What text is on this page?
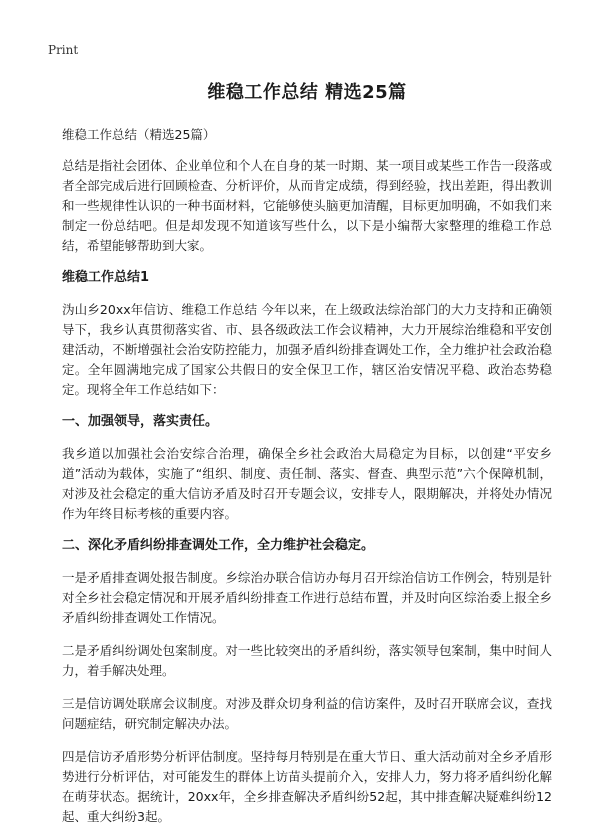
Print
维稳工作总结 精选25篇
维稳工作总结（精选25篇）

总结是指社会团体、企业单位和个人在自身的某一时期、某一项目或某些工作告一段落或者全部完成后进行回顾检查、分析评价，从而肯定成绩，得到经验，找出差距，得出教训和一些规律性认识的一种书面材料，它能够使头脑更加清醒，目标更加明确，不如我们来制定一份总结吧。但是却发现不知道该写些什么，以下是小编帮大家整理的维稳工作总结，希望能够帮助到大家。

维稳工作总结1

沩山乡20xx年信访、维稳工作总结 今年以来，在上级政法综治部门的大力支持和正确领导下，我乡认真贯彻落实省、市、县各级政法工作会议精神，大力开展综治维稳和平安创建活动，不断增强社会治安防控能力，加强矛盾纠纷排查调处工作，全力维护社会政治稳定。全年圆满地完成了国家公共假日的安全保卫工作，辖区治安情况平稳、政治态势稳定。现将全年工作总结如下：

一、加强领导，落实责任。

我乡道以加强社会治安综合治理，确保全乡社会政治大局稳定为目标，以创建“平安乡道”活动为载体，实施了“组织、制度、责任制、落实、督查、典型示范”六个保障机制，对涉及社会稳定的重大信访矛盾及时召开专题会议，安排专人，限期解决，并将处办情况作为年终目标考核的重要内容。

二、深化矛盾纠纷排查调处工作，全力维护社会稳定。

一是矛盾排查调处报告制度。乡综治办联合信访办每月召开综治信访工作例会，特别是针对全乡社会稳定情况和开展矛盾纠纷排查工作进行总结布置，并及时向区综治委上报全乡矛盾纠纷排查调处工作情况。

二是矛盾纠纷调处包案制度。对一些比较突出的矛盾纠纷，落实领导包案制，集中时间人力，着手解决处理。

三是信访调处联席会议制度。对涉及群众切身利益的信访案件，及时召开联席会议，查找问题症结，研究制定解决办法。

四是信访矛盾形势分析评估制度。坚持每月特别是在重大节日、重大活动前对全乡矛盾形势进行分析评估，对可能发生的群体上访苗头提前介入，安排人力，努力将矛盾纠纷化解在萌芽状态。据统计，20xx年，全乡排查解决矛盾纠纷52起，其中排查解决疑难纠纷12起、重大纠纷3起。
